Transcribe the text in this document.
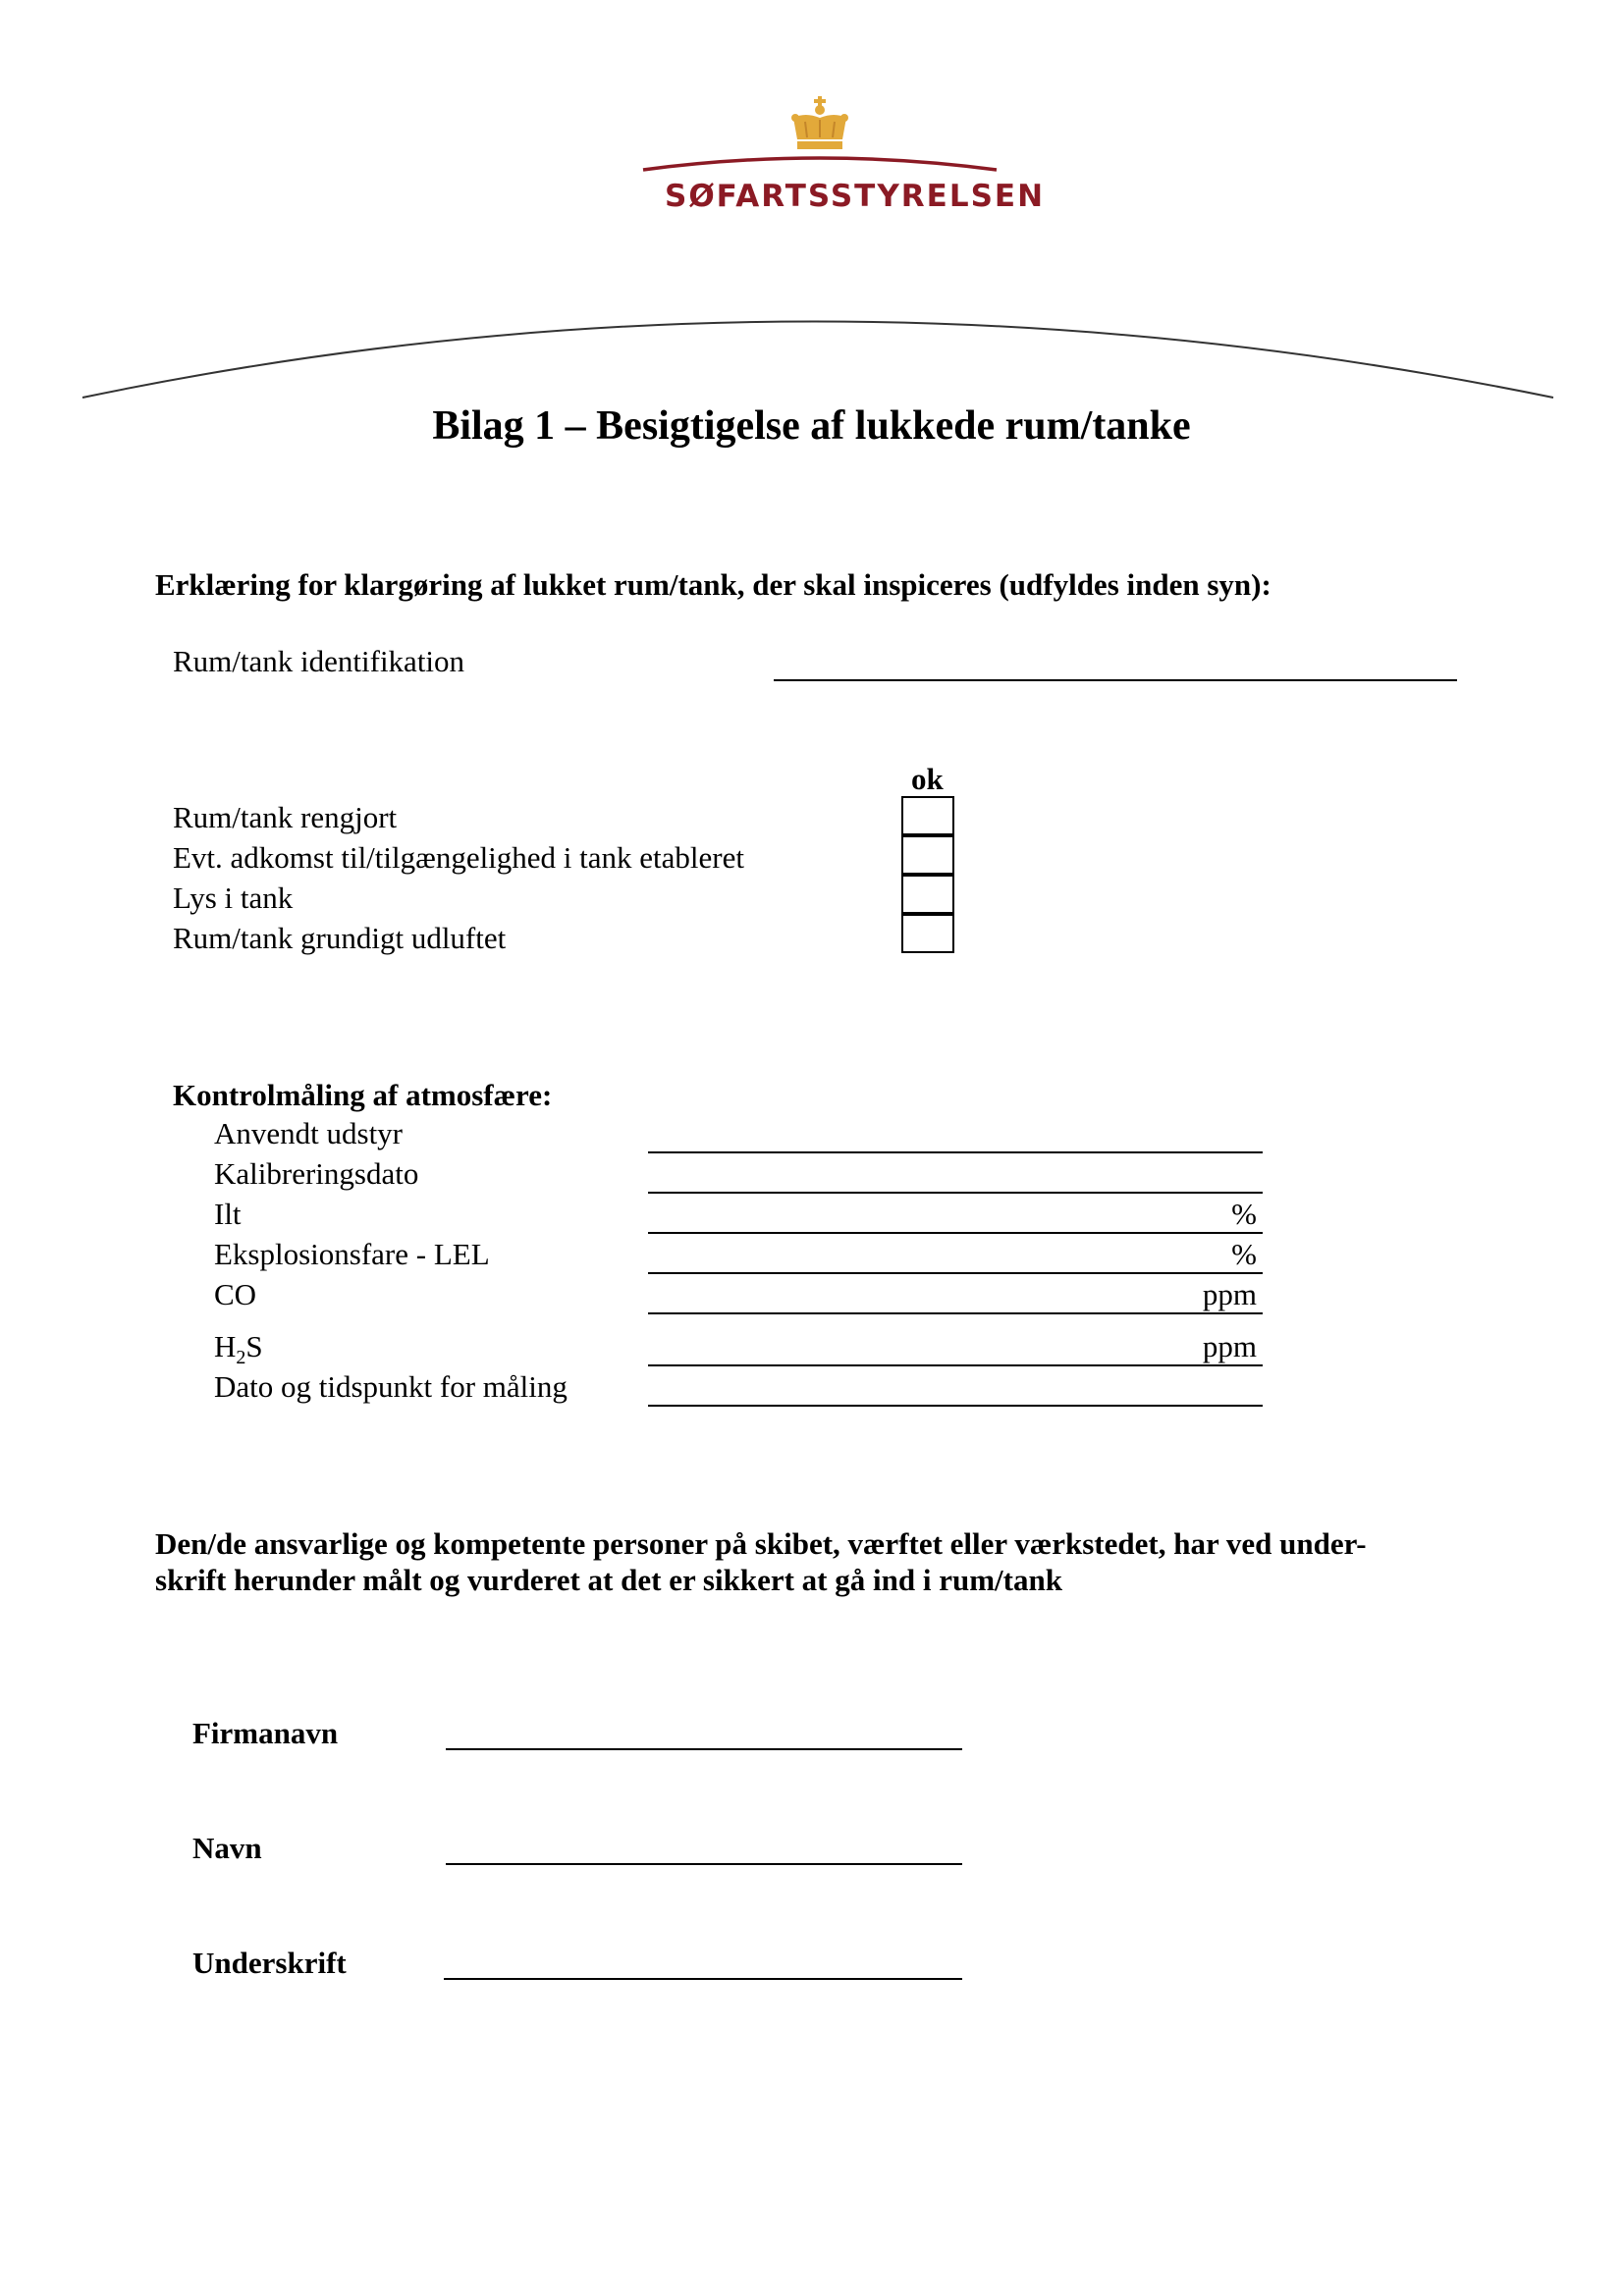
SØFARTSSTYRELSEN
Bilag 1 – Besigtigelse af lukkede rum/tanke
Erklæring for klargøring af lukket rum/tank, der skal inspiceres (udfyldes inden syn):
Rum/tank identifikation
ok
Rum/tank rengjort
Evt. adkomst til/tilgængelighed i tank etableret
Lys i tank
Rum/tank grundigt udluftet
Kontrolmåling af atmosfære:
Anvendt udstyr
Kalibreringsdato
Ilt	%
Eksplosionsfare - LEL	%
CO	ppm
$H_2S$	ppm
Dato og tidspunkt for måling
Den/de ansvarlige og kompetente personer på skibet, værftet eller værkstedet, har ved under-
skrift herunder målt og vurderet at det er sikkert at gå ind i rum/tank
Firmanavn
Navn
Underskrift
